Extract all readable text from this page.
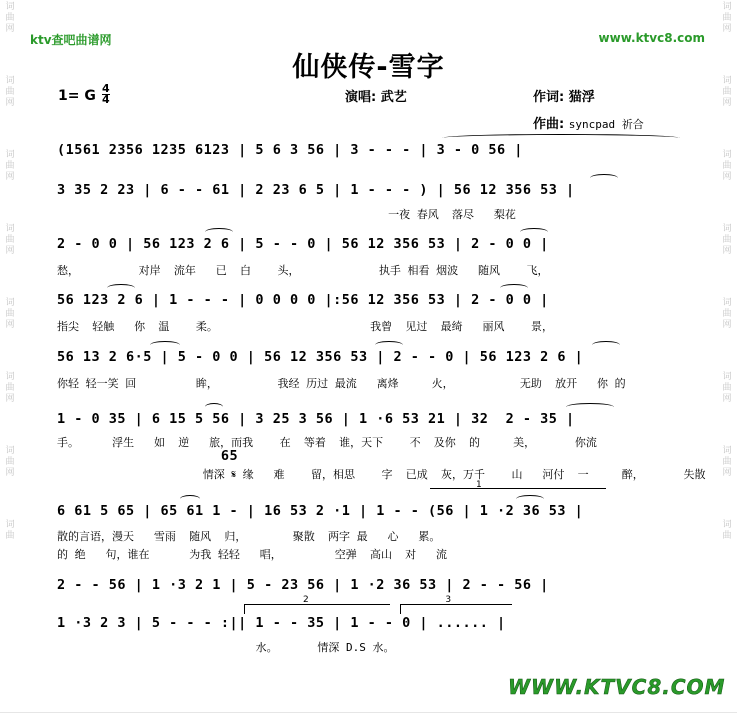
词
曲
网
词
曲
网
词
曲
网
词
曲
网
词
曲
网
词
曲
网
词
曲
网
词
曲
词
曲
网
词
曲
网
词
曲
网
词
曲
网
词
曲
网
词
曲
网
词
曲
网
词
曲
ktv查吧曲谱网	www.ktvc8.com
仙侠传-雪字
1= G $\frac{4}{4}$	演唱: 武艺	作词: 猫浮
作曲: syncpad 祈合
(1561 2356 1235 6123 | 5 6 3 56 | 3 - - - | 3 - 0 56 |
3 35 2 23 | 6 - - 61 | 2 23 6 5 | 1 - - - ) | 56 12 356 53 |
一夜 春风  落尽   梨花
2 - 0 0 | 56 123 2 6 | 5 - - 0 | 56 12 356 53 | 2 - 0 0 |
愁，         对岸  流年   已  白    头，            执手 相看 烟波   随风    飞，
56 123 2 6 | 1 - - - | 0 0 0 0 |:56 12 356 53 | 2 - 0 0 |
指尖  轻触   你  温    柔。                       我曾  见过  最绮   丽风    景，
56 13 2 6·5 | 5 - 0 0 | 56 12 356 53 | 2 - - 0 | 56 123 2 6 |
你轻 轻一笑 回         眸，         我经 历过 最流   离烽     火，          无助  放开   你 的
1 - 0 35 | 6 15 5 56 | 3 25 3 56 | 1 ·6 53 21 | 32  2 - 35 |
手。     浮生   如  逆   旅，而我    在  等着  谁，天下    不  及你  的     美，      你流
65
情深 𝄋 缘   难    留，相思    字  已成  灰，万千    山   河付  一     醉，      失散
6 61 5 65 | 65 61 1 - | 16 53 2 ·1 | 1 - - (56 | 1 ·2 36 53 |
散的言语，漫天   雪雨  随风  归，       聚散  两字 最   心   累。
的 绝   句，谁在      为我 轻轻   唱，        空弹  高山  对   流
2 - - 56 | 1 ·3 2 1 | 5 - 23 56 | 1 ·2 36 53 | 2 - - 56 |
1 ·3 2 3 | 5 - - - :|| 1 - - 35 | 1 - - 0 | ...... |
水。      情深 D.S 水。
1
2	3
WWW.KTVC8.COM
